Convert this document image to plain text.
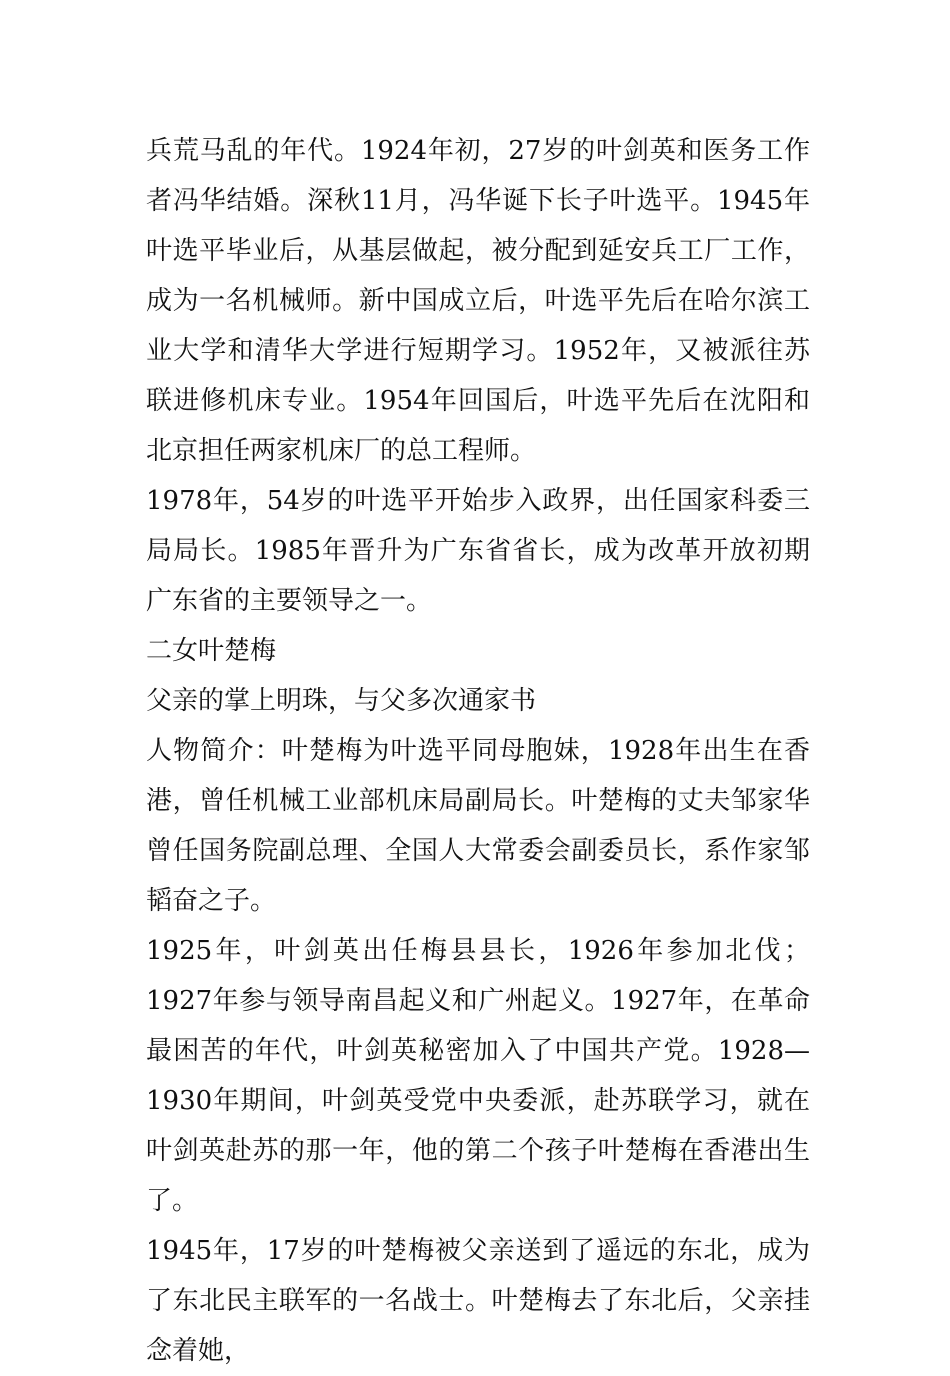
兵荒马乱的年代。1924年初，27岁的叶剑英和医务工作者冯华结婚。深秋11月，冯华诞下长子叶选平。1945年叶选平毕业后，从基层做起，被分配到延安兵工厂工作，成为一名机械师。新中国成立后，叶选平先后在哈尔滨工业大学和清华大学进行短期学习。1952年，又被派往苏联进修机床专业。1954年回国后，叶选平先后在沈阳和北京担任两家机床厂的总工程师。

1978年，54岁的叶选平开始步入政界，出任国家科委三局局长。1985年晋升为广东省省长，成为改革开放初期广东省的主要领导之一。

二女叶楚梅

父亲的掌上明珠，与父多次通家书

人物简介：叶楚梅为叶选平同母胞妹，1928年出生在香港，曾任机械工业部机床局副局长。叶楚梅的丈夫邹家华曾任国务院副总理、全国人大常委会副委员长，系作家邹韬奋之子。

1925年，叶剑英出任梅县县长，1926年参加北伐；1927年参与领导南昌起义和广州起义。1927年，在革命最困苦的年代，叶剑英秘密加入了中国共产党。1928—1930年期间，叶剑英受党中央委派，赴苏联学习，就在叶剑英赴苏的那一年，他的第二个孩子叶楚梅在香港出生了。

1945年，17岁的叶楚梅被父亲送到了遥远的东北，成为了东北民主联军的一名战士。叶楚梅去了东北后，父亲挂念着她，
